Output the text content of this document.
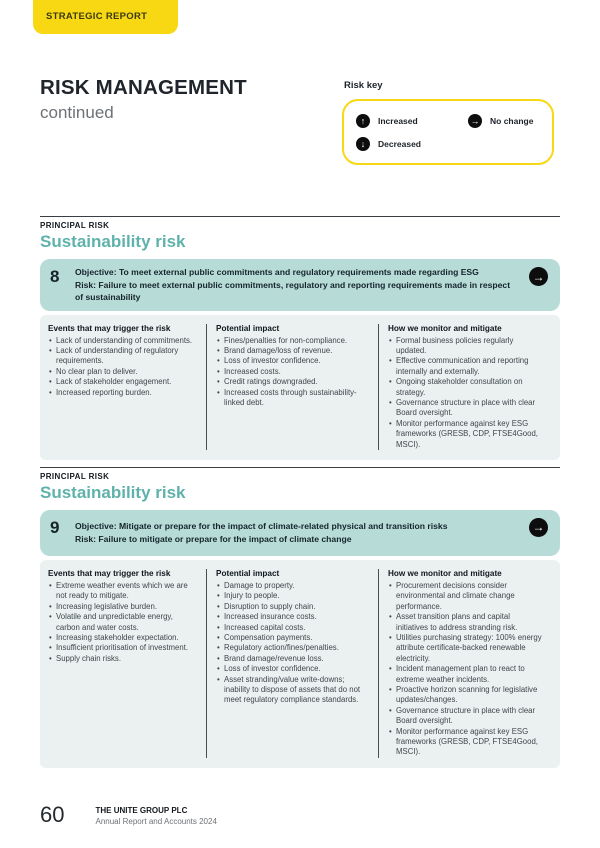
STRATEGIC REPORT
RISK MANAGEMENT
continued
Risk key
↑	Increased	→ No change
↓	Decreased
PRINCIPAL RISK
Sustainability risk
8	Objective: To meet external public commitments and regulatory requirements made regarding ESG
Risk: Failure to meet external public commitments, regulatory and reporting requirements made in respect of sustainability
→
Events that may trigger the risk
• Lack of understanding of commitments.
• Lack of understanding of regulatory requirements.
• No clear plan to deliver.
• Lack of stakeholder engagement.
• Increased reporting burden.
Potential impact
• Fines/penalties for non-compliance.
• Brand damage/loss of revenue.
• Loss of investor confidence.
• Increased costs.
• Credit ratings downgraded.
• Increased costs through sustainability-linked debt.
How we monitor and mitigate
• Formal business policies regularly updated.
• Effective communication and reporting internally and externally.
• Ongoing stakeholder consultation on strategy.
• Governance structure in place with clear Board oversight.
• Monitor performance against key ESG frameworks (GRESB, CDP, FTSE4Good, MSCI).
PRINCIPAL RISK
Sustainability risk
9	Objective: Mitigate or prepare for the impact of climate-related physical and transition risks
Risk: Failure to mitigate or prepare for the impact of climate change
→
Events that may trigger the risk
• Extreme weather events which we are not ready to mitigate.
• Increasing legislative burden.
• Volatile and unpredictable energy, carbon and water costs.
• Increasing stakeholder expectation.
• Insufficient prioritisation of investment.
• Supply chain risks.
Potential impact
• Damage to property.
• Injury to people.
• Disruption to supply chain.
• Increased insurance costs.
• Increased capital costs.
• Compensation payments.
• Regulatory action/fines/penalties.
• Brand damage/revenue loss.
• Loss of investor confidence.
• Asset stranding/value write-downs; inability to dispose of assets that do not meet regulatory compliance standards.
How we monitor and mitigate
• Procurement decisions consider environmental and climate change performance.
• Asset transition plans and capital initiatives to address stranding risk.
• Utilities purchasing strategy: 100% energy attribute certificate-backed renewable electricity.
• Incident management plan to react to extreme weather incidents.
• Proactive horizon scanning for legislative updates/changes.
• Governance structure in place with clear Board oversight.
• Monitor performance against key ESG frameworks (GRESB, CDP, FTSE4Good, MSCI).
60	THE UNITE GROUP PLC
Annual Report and Accounts 2024
